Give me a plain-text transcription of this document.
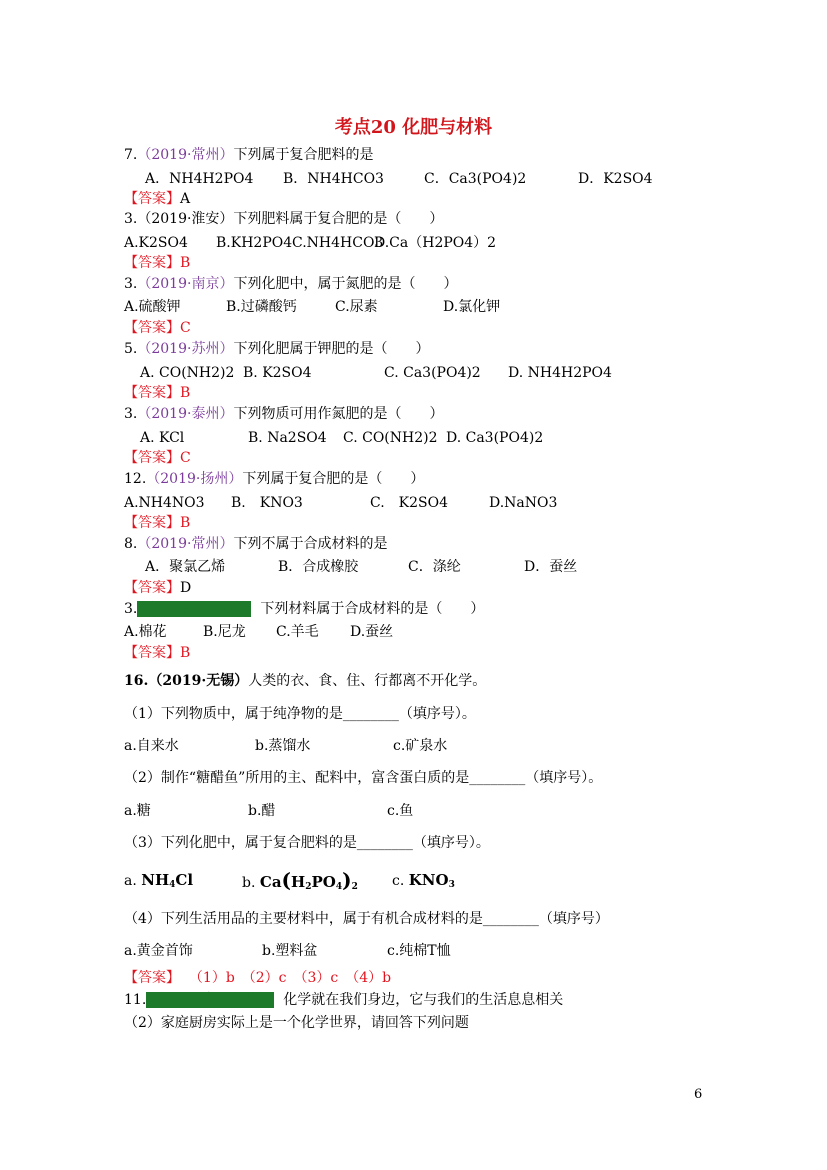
考点20 化肥与材料
7.（2019·常州）下列属于复合肥料的是
A．NH4H2PO4 B．NH4HCO3	C．Ca3(PO4)2	D．K2SO4
【答案】A
3.（2019·淮安）下列肥料属于复合肥的是（　　）
A.K2SO4 B.KH2PO4 C.NH4HCO3
D.Ca（H2PO4）2
【答案】B
3.（2019·南京）下列化肥中，属于氮肥的是（　　）
A.硫酸钾	B.过磷酸钙	C.尿素	D.氯化钾
【答案】C
5.（2019·苏州）下列化肥属于钾肥的是（　　）
A. CO(NH2)2 B. K2SO4	C. Ca3(PO4)2 D. NH4H2PO4
【答案】B
3.（2019·泰州）下列物质可用作氮肥的是（　　）
A. KCl	B. Na2SO4 C. CO(NH2)2 D. Ca3(PO4)2
【答案】C
12.（2019·扬州）下列属于复合肥的是（　　）
A.NH4NO3 B.　KNO3	C.　K2SO4	D.NaNO3
【答案】B
8.（2019·常州）下列不属于合成材料的是
A．聚氯乙烯	B．合成橡胶	C．涤纶	D．蚕丝
【答案】D
3. （2019·连云港） 下列材料属于合成材料的是（　　）
A.棉花	B.尼龙 C.羊毛 D.蚕丝
【答案】B
16.（2019·无锡）人类的衣、食、住、行都离不开化学。
（1）下列物质中，属于纯净物的是________（填序号）。
a.自来水	b.蒸馏水	c.矿泉水
（2）制作“糖醋鱼”所用的主、配料中，富含蛋白质的是________（填序号）。
a.糖	b.醋	c.鱼
（3）下列化肥中，属于复合肥料的是________（填序号）。
a. $NH_4Cl$	b. $Ca(H_2PO_4)_2$ c. $KNO_3$
（4）下列生活用品的主要材料中，属于有机合成材料的是________（填序号）
a.黄金首饰	b.塑料盆	c.纯棉T恤
【答案】 （1）b　（2）c　（3）c　（4）b
11. （2019·宿迁预测） 化学就在我们身边，它与我们的生活息息相关
（2）家庭厨房实际上是一个化学世界，请回答下列问题
6
